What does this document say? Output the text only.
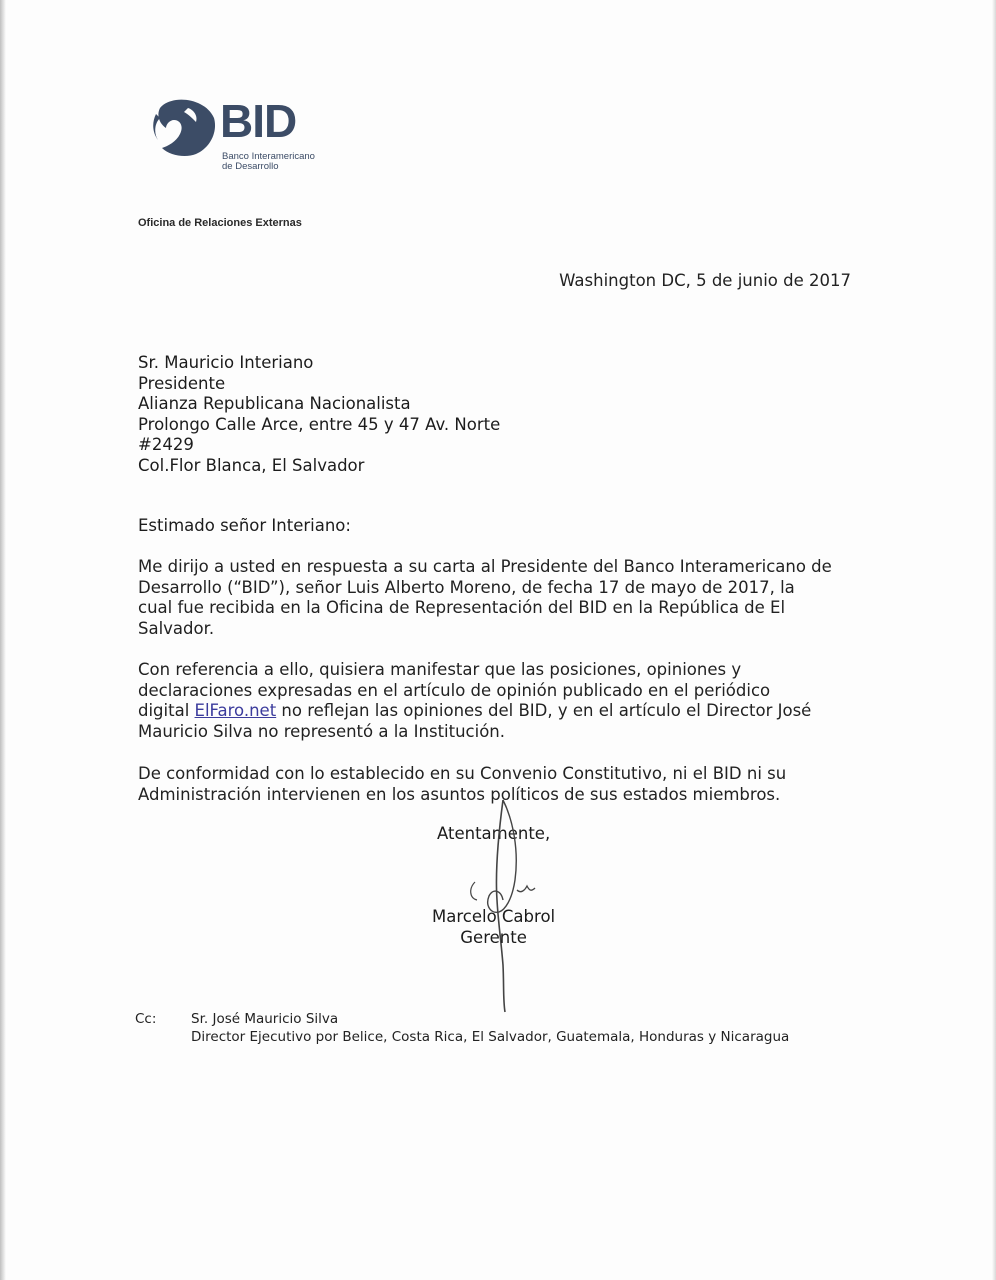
BID
Banco Interamericano
de Desarrollo
Oficina de Relaciones Externas
Washington DC, 5 de junio de 2017
Sr. Mauricio Interiano
Presidente
Alianza Republicana Nacionalista
Prolongo Calle Arce, entre 45 y 47 Av. Norte
#2429
Col.Flor Blanca, El Salvador
Estimado señor Interiano:
Me dirijo a usted en respuesta a su carta al Presidente del Banco Interamericano de
Desarrollo (“BID”), señor Luis Alberto Moreno, de fecha 17 de mayo de 2017, la
cual fue recibida en la Oficina de Representación del BID en la República de El
Salvador.
Con referencia a ello, quisiera manifestar que las posiciones, opiniones y
declaraciones expresadas en el artículo de opinión publicado en el periódico
digital ElFaro.net no reflejan las opiniones del BID, y en el artículo el Director José
Mauricio Silva no representó a la Institución.
De conformidad con lo establecido en su Convenio Constitutivo, ni el BID ni su
Administración intervienen en los asuntos políticos de sus estados miembros.
Atentamente,
Marcelo Cabrol
Gerente
Cc:	Sr. José Mauricio Silva
Director Ejecutivo por Belice, Costa Rica, El Salvador, Guatemala, Honduras y Nicaragua
